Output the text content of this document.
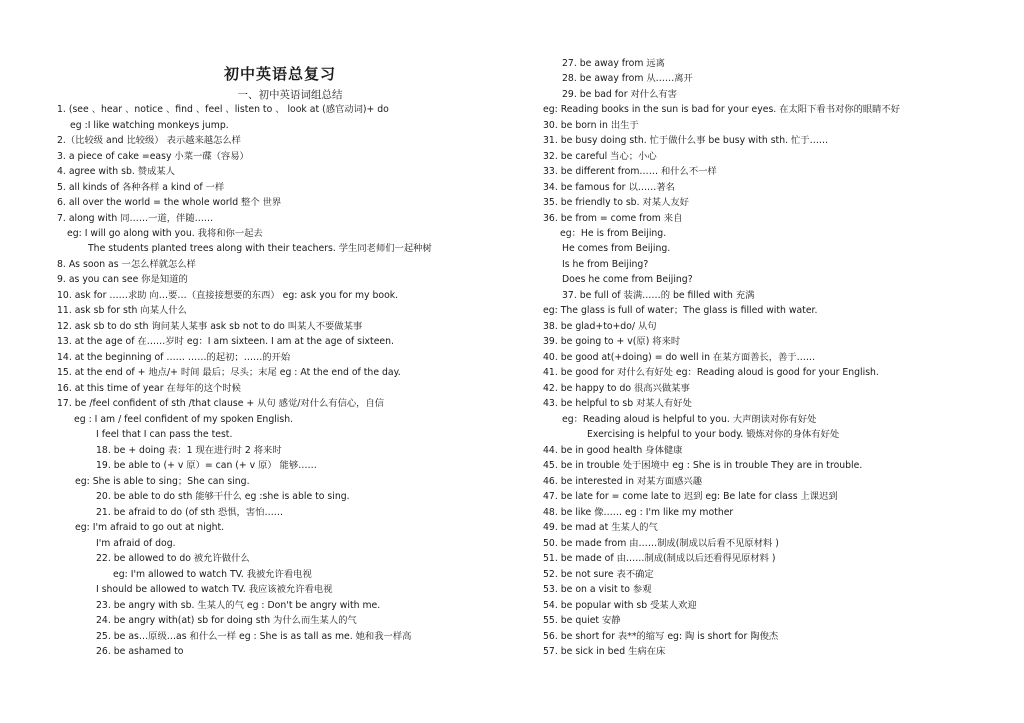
初中英语总复习
一、初中英语词组总结
1. (see 、hear 、notice 、find 、feel 、listen to 、 look at (感官动词)+ do
eg :I like watching monkeys jump.
2.（比较级 and 比较级） 表示越来越怎么样
3. a piece of cake =easy 小菜一碟（容易）
4. agree with sb. 赞成某人
5. all kinds of 各种各样 a kind of 一样
6. all over the world = the whole world 整个 世界
7. along with 同……一道，伴随……
eg: I will go along with you. 我将和你一起去
The students planted trees along with their teachers. 学生同老师们一起种树
8. As soon as 一怎么样就怎么样
9. as you can see 你是知道的
10. ask for ……求助 向…要…（直接接想要的东西） eg: ask you for my book.
11. ask sb for sth 向某人什么
12. ask sb to do sth 询问某人某事 ask sb not to do 叫某人不要做某事
13. at the age of 在……岁时 eg：I am sixteen. I am at the age of sixteen.
14. at the beginning of …… ……的起初；……的开始
15. at the end of + 地点/+ 时间 最后；尽头；末尾 eg : At the end of the day.
16. at this time of year 在每年的这个时候
17. be /feel confident of sth /that clause + 从句 感觉/对什么有信心，自信
eg : I am / feel confident of my spoken English.
I feel that I can pass the test.
18. be + doing 表：1 现在进行时 2 将来时
19. be able to (+ v 原）= can (+ v 原） 能够……
eg: She is able to sing；She can sing.
20. be able to do sth 能够干什么 eg :she is able to sing.
21. be afraid to do (of sth 恐惧，害怕……
eg: I'm afraid to go out at night.
I'm afraid of dog.
22. be allowed to do 被允许做什么
eg: I'm allowed to watch TV. 我被允许看电视
I should be allowed to watch TV. 我应该被允许看电视
23. be angry with sb. 生某人的气 eg : Don't be angry with me.
24. be angry with(at) sb for doing sth 为什么而生某人的气
25. be as…原级…as 和什么一样 eg : She is as tall as me. 她和我一样高
26. be ashamed to
27. be away from 远离
28. be away from 从……离开
29. be bad for 对什么有害
eg: Reading books in the sun is bad for your eyes. 在太阳下看书对你的眼睛不好
30. be born in 出生于
31. be busy doing sth. 忙于做什么事 be busy with sth. 忙于……
32. be careful 当心；小心
33. be different from…… 和什么不一样
34. be famous for 以……著名
35. be friendly to sb. 对某人友好
36. be from = come from 来自
eg：He is from Beijing.
He comes from Beijing.
Is he from Beijing?
Does he come from Beijing?
37. be full of 装满……的 be filled with 充满
eg: The glass is full of water；The glass is filled with water.
38. be glad+to+do/ 从句
39. be going to + v(原) 将来时
40. be good at(+doing) = do well in 在某方面善长，善于……
41. be good for 对什么有好处 eg：Reading aloud is good for your English.
42. be happy to do 很高兴做某事
43. be helpful to sb 对某人有好处
eg：Reading aloud is helpful to you. 大声朗读对你有好处
Exercising is helpful to your body. 锻炼对你的身体有好处
44. be in good health 身体健康
45. be in trouble 处于困境中 eg : She is in trouble They are in trouble.
46. be interested in 对某方面感兴趣
47. be late for = come late to 迟到 eg: Be late for class 上课迟到
48. be like 像…… eg : I'm like my mother
49. be mad at 生某人的气
50. be made from 由……制成(制成以后看不见原材料 )
51. be made of 由……制成(制成以后还看得见原材料 )
52. be not sure 表不确定
53. be on a visit to 参观
54. be popular with sb 受某人欢迎
55. be quiet 安静
56. be short for 表**的缩写 eg: 陶 is short for 陶俊杰
57. be sick in bed 生病在床
